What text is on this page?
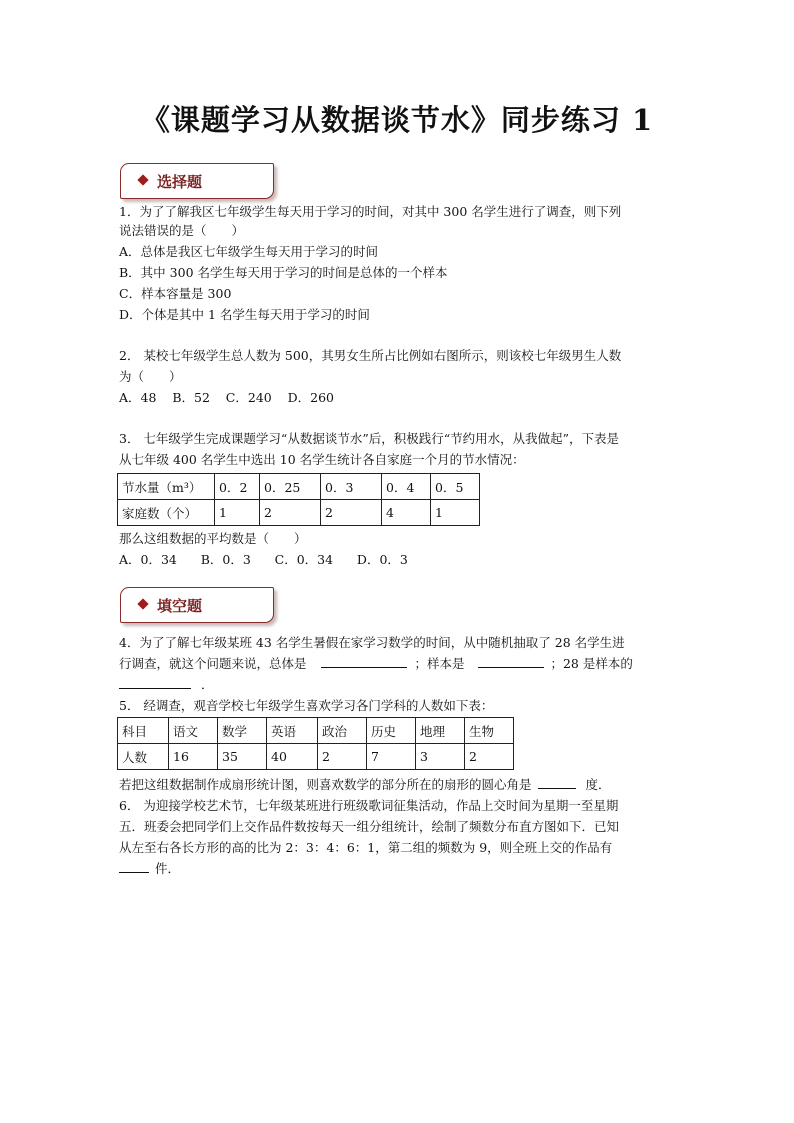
《课题学习从数据谈节水》同步练习 1
选择题
1．为了了解我区七年级学生每天用于学习的时间，对其中 300 名学生进行了调查，则下列
说法错误的是（　　）
A．总体是我区七年级学生每天用于学习的时间
B．其中 300 名学生每天用于学习的时间是总体的一个样本
C．样本容量是 300
D．个体是其中 1 名学生每天用于学习的时间
2． 某校七年级学生总人数为 500，其男女生所占比例如右图所示，则该校七年级男生人数
为（　　）
A．48    B．52    C．240    D．260
3． 七年级学生完成课题学习“从数据谈节水”后，积极践行“节约用水，从我做起”，下表是
从七年级 400 名学生中选出 10 名学生统计各自家庭一个月的节水情况：
节水量（m³）	0．2	0．25	0．3	0．4	0．5
家庭数（个）	1	2	2	4	1
那么这组数据的平均数是（　　）
A．0．34      B．0．3      C．0．34      D．0．3
填空题
4．为了了解七年级某班 43 名学生暑假在家学习数学的时间，从中随机抽取了 28 名学生进
行调查，就这个问题来说，总体是	；样本是	；28 是样本的
．
5． 经调查，观音学校七年级学生喜欢学习各门学科的人数如下表：
科目	语文	数学	英语	政治	历史	地理	生物
人数	16	35	40	2	7	3	2
若把这组数据制作成扇形统计图，则喜欢数学的部分所在的扇形的圆心角是	度．
6． 为迎接学校艺术节，七年级某班进行班级歌词征集活动，作品上交时间为星期一至星期
五．班委会把同学们上交作品件数按每天一组分组统计，绘制了频数分布直方图如下．已知
从左至右各长方形的高的比为 2：3：4：6：1，第二组的频数为 9，则全班上交的作品有
件．
